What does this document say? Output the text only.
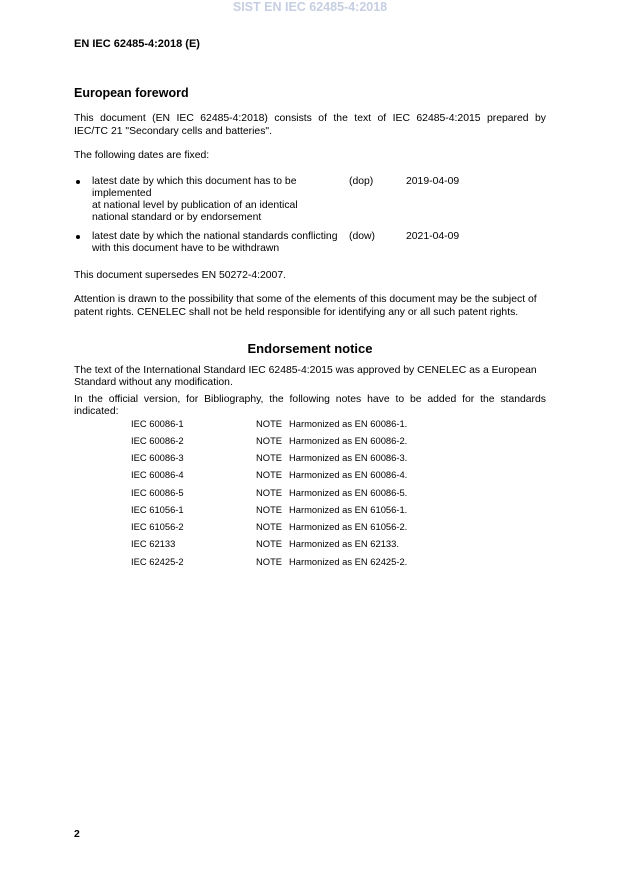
SIST EN IEC 62485-4:2018
EN IEC 62485-4:2018 (E)
European foreword
This document (EN IEC 62485-4:2018) consists of the text of IEC 62485-4:2015 prepared by IEC/TC 21 "Secondary cells and batteries".
The following dates are fixed:
latest date by which this document has to be
implemented
at national level by publication of an identical
national standard or by endorsement
(dop)	2019-04-09
latest date by which the national standards conflicting
with this document have to be withdrawn
(dow)	2021-04-09
This document supersedes EN 50272-4:2007.
Attention is drawn to the possibility that some of the elements of this document may be the subject of patent rights. CENELEC shall not be held responsible for identifying any or all such patent rights.
Endorsement notice
The text of the International Standard IEC 62485-4:2015 was approved by CENELEC as a European Standard without any modification.
In the official version, for Bibliography, the following notes have to be added for the standards indicated:
IEC 60086-1	NOTE Harmonized as EN 60086-1.
IEC 60086-2	NOTE Harmonized as EN 60086-2.
IEC 60086-3	NOTE Harmonized as EN 60086-3.
IEC 60086-4	NOTE Harmonized as EN 60086-4.
IEC 60086-5	NOTE Harmonized as EN 60086-5.
IEC 61056-1	NOTE Harmonized as EN 61056-1.
IEC 61056-2	NOTE Harmonized as EN 61056-2.
IEC 62133	NOTE Harmonized as EN 62133.
IEC 62425-2	NOTE Harmonized as EN 62425-2.
2
